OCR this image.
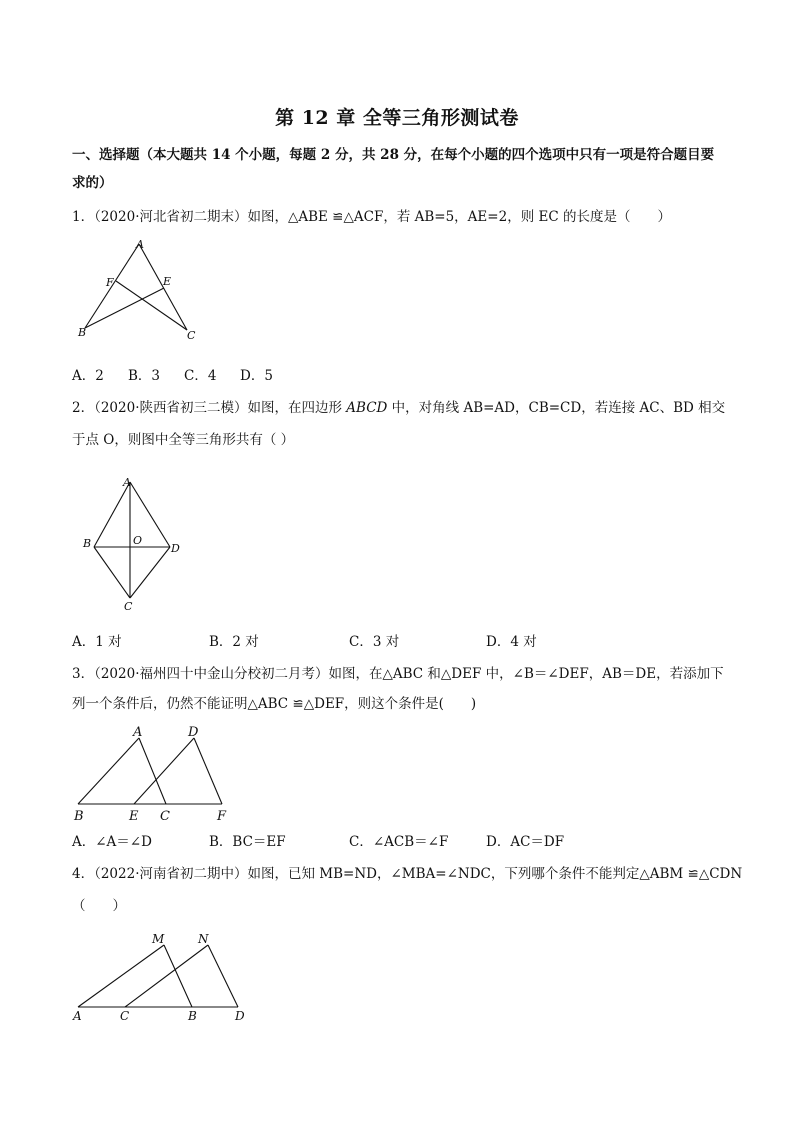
第 12 章 全等三角形测试卷
一、选择题（本大题共 14 个小题，每题 2 分，共 28 分，在每个小题的四个选项中只有一项是符合题目要
求的）
1．（2020·河北省初二期末）如图，△ABE ≌△ACF，若 AB=5，AE=2，则 EC 的长度是（　　）
A
F	E
B	C
A．2 B．3 C．4 D．5
2．（2020·陕西省初三二模）如图，在四边形 ABCD 中，对角线 AB=AD，CB=CD，若连接 AC、BD 相交
于点 O，则图中全等三角形共有（ ）
A
B	O
D
C
A．1 对	B．2 对	C．3 对	D．4 对
3．（2020·福州四十中金山分校初二月考）如图，在△ABC 和△DEF 中，∠B＝∠DEF，AB＝DE，若添加下
列一个条件后，仍然不能证明△ABC ≌△DEF，则这个条件是(　　)
A	D
B	E C	F
A．∠A＝∠D	B．BC＝EF	C．∠ACB＝∠F	D．AC＝DF
4．（2022·河南省初二期中）如图，已知 MB=ND，∠MBA=∠NDC，下列哪个条件不能判定△ABM ≌△CDN
（　　）
M	N
A	C	B	D
